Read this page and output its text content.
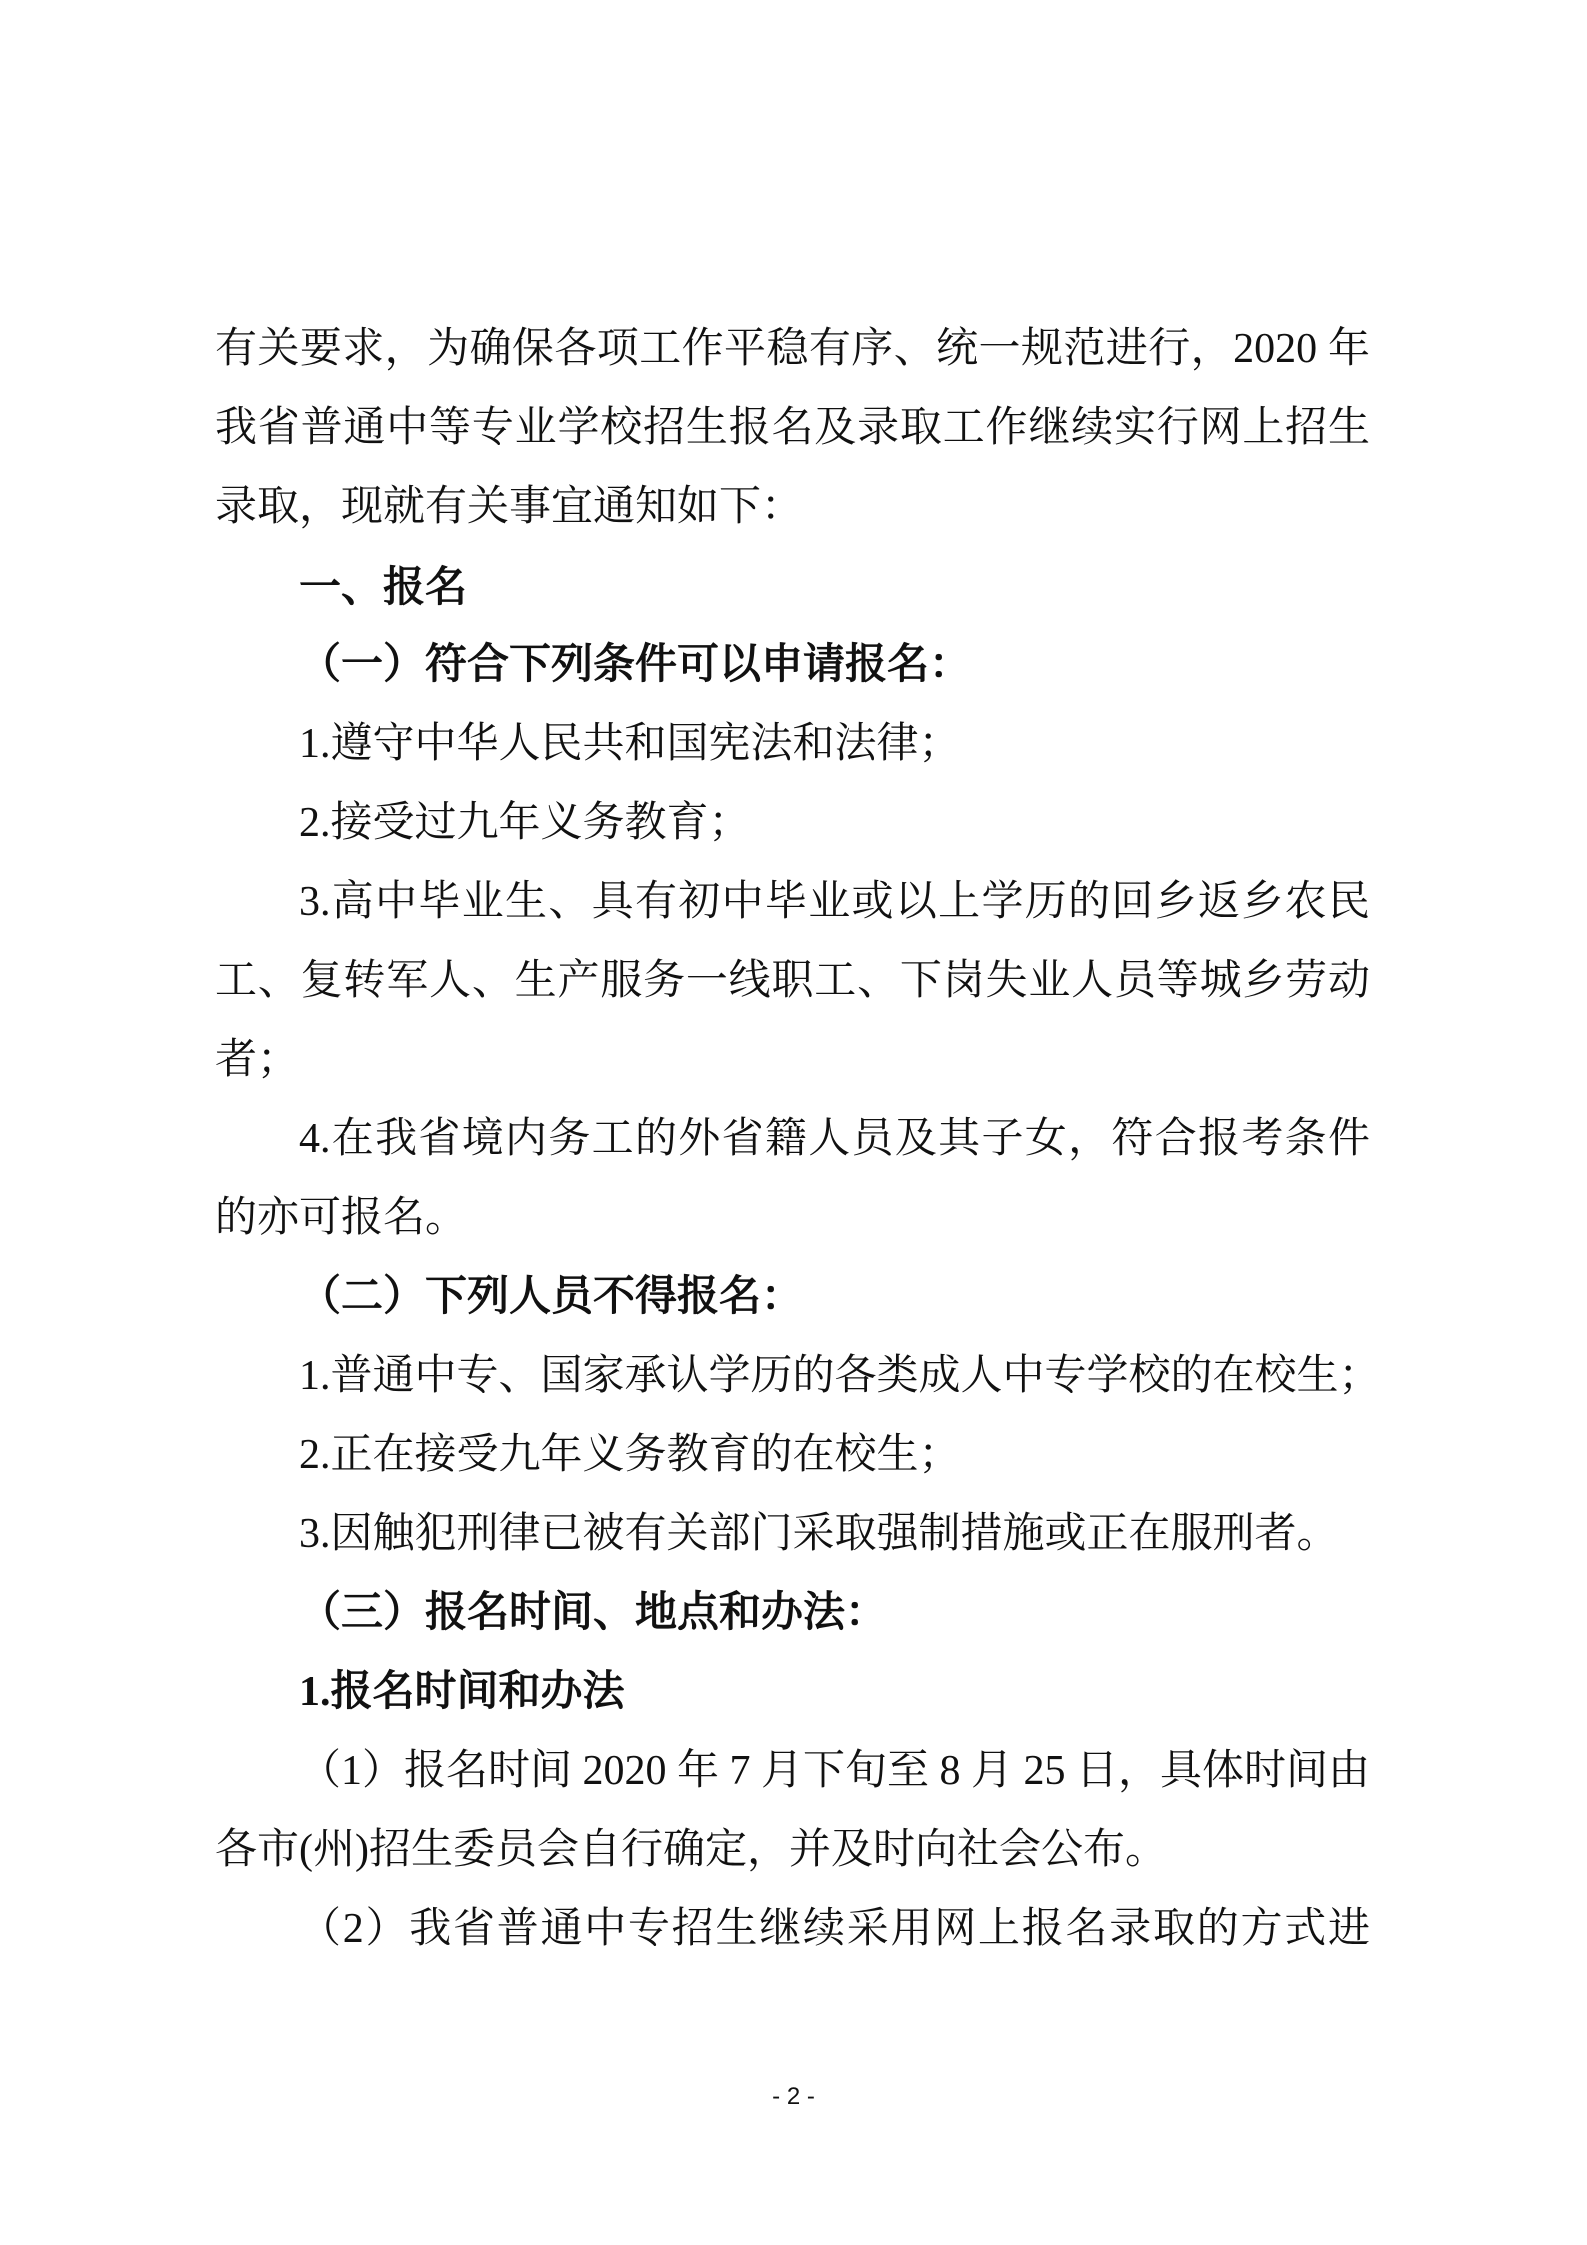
有关要求，为确保各项工作平稳有序、统一规范进行，2020 年
我省普通中等专业学校招生报名及录取工作继续实行网上招生
录取，现就有关事宜通知如下：
一、报名
（一）符合下列条件可以申请报名：
1.遵守中华人民共和国宪法和法律；
2.接受过九年义务教育；
3.高中毕业生、具有初中毕业或以上学历的回乡返乡农民
工、复转军人、生产服务一线职工、下岗失业人员等城乡劳动
者；
4.在我省境内务工的外省籍人员及其子女，符合报考条件
的亦可报名。
（二）下列人员不得报名：
1.普通中专、国家承认学历的各类成人中专学校的在校生；
2.正在接受九年义务教育的在校生；
3.因触犯刑律已被有关部门采取强制措施或正在服刑者。
（三）报名时间、地点和办法：
1.报名时间和办法
（1）报名时间 2020 年 7 月下旬至 8 月 25 日，具体时间由
各市(州)招生委员会自行确定，并及时向社会公布。
（2）我省普通中专招生继续采用网上报名录取的方式进
- 2 -
